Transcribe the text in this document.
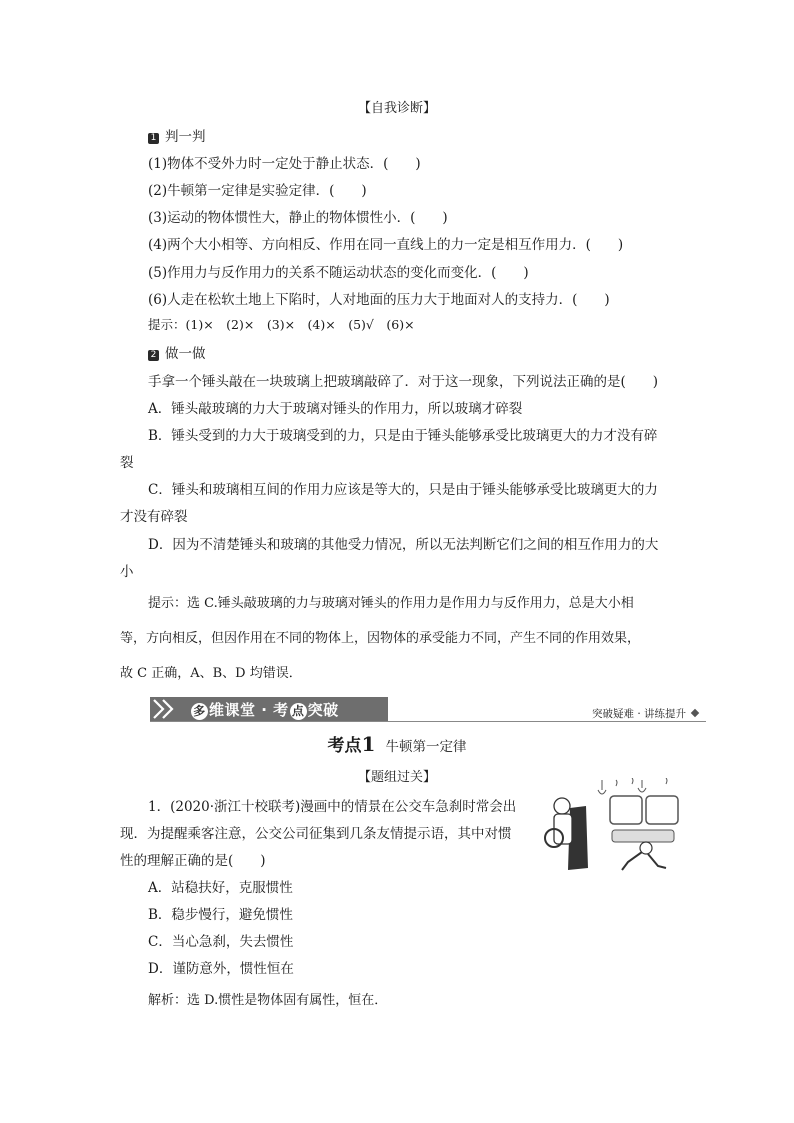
【自我诊断】
1 判一判
(1)物体不受外力时一定处于静止状态．(　　)
(2)牛顿第一定律是实验定律．(　　)
(3)运动的物体惯性大，静止的物体惯性小．(　　)
(4)两个大小相等、方向相反、作用在同一直线上的力一定是相互作用力．(　　)
(5)作用力与反作用力的关系不随运动状态的变化而变化．(　　)
(6)人走在松软土地上下陷时，人对地面的压力大于地面对人的支持力．(　　)
提示：(1)×　(2)×　(3)×　(4)×　(5)√　(6)×
2 做一做
手拿一个锤头敲在一块玻璃上把玻璃敲碎了．对于这一现象，下列说法正确的是(　　)
A．锤头敲玻璃的力大于玻璃对锤头的作用力，所以玻璃才碎裂
B．锤头受到的力大于玻璃受到的力，只是由于锤头能够承受比玻璃更大的力才没有碎
裂
C．锤头和玻璃相互间的作用力应该是等大的，只是由于锤头能够承受比玻璃更大的力
才没有碎裂
D．因为不清楚锤头和玻璃的其他受力情况，所以无法判断它们之间的相互作用力的大
小
提示：选 C.锤头敲玻璃的力与玻璃对锤头的作用力是作用力与反作用力，总是大小相
等，方向相反，但因作用在不同的物体上，因物体的承受能力不同，产生不同的作用效果，
故 C 正确，A、B、D 均错误．
多 维课堂 · 考 点 突破	突破疑难 · 讲练提升
考点1 牛顿第一定律
【题组过关】
1．(2020·浙江十校联考)漫画中的情景在公交车急刹时常会出
现．为提醒乘客注意，公交公司征集到几条友情提示语，其中对惯
性的理解正确的是(　　)
A．站稳扶好，克服惯性
B．稳步慢行，避免惯性
C．当心急刹，失去惯性
D．谨防意外，惯性恒在
解析：选 D.惯性是物体固有属性，恒在．
